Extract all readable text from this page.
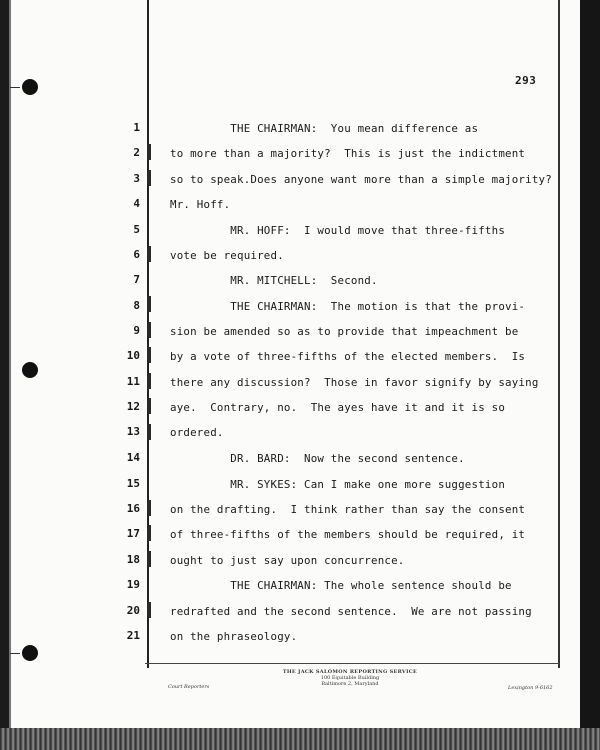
293
1
2
3
4
5
6
7
8
9
10
11
12
13
14
15
16
17
18
19
20
21
THE CHAIRMAN:  You mean difference as
to more than a majority?  This is just the indictment
so to speak.Does anyone want more than a simple majority?
Mr. Hoff.
MR. HOFF:  I would move that three-fifths
vote be required.
MR. MITCHELL:  Second.
THE CHAIRMAN:  The motion is that the provi-
sion be amended so as to provide that impeachment be
by a vote of three-fifths of the elected members.  Is
there any discussion?  Those in favor signify by saying
aye.  Contrary, no.  The ayes have it and it is so
ordered.
DR. BARD:  Now the second sentence.
MR. SYKES: Can I make one more suggestion
on the drafting.  I think rather than say the consent
of three-fifths of the members should be required, it
ought to just say upon concurrence.
THE CHAIRMAN: The whole sentence should be
redrafted and the second sentence.  We are not passing
on the phraseology.
THE JACK SALOMON REPORTING SERVICE
100 Equitable Building
Baltimore 2, Maryland
Court Reporters	Lexington 9-6162
